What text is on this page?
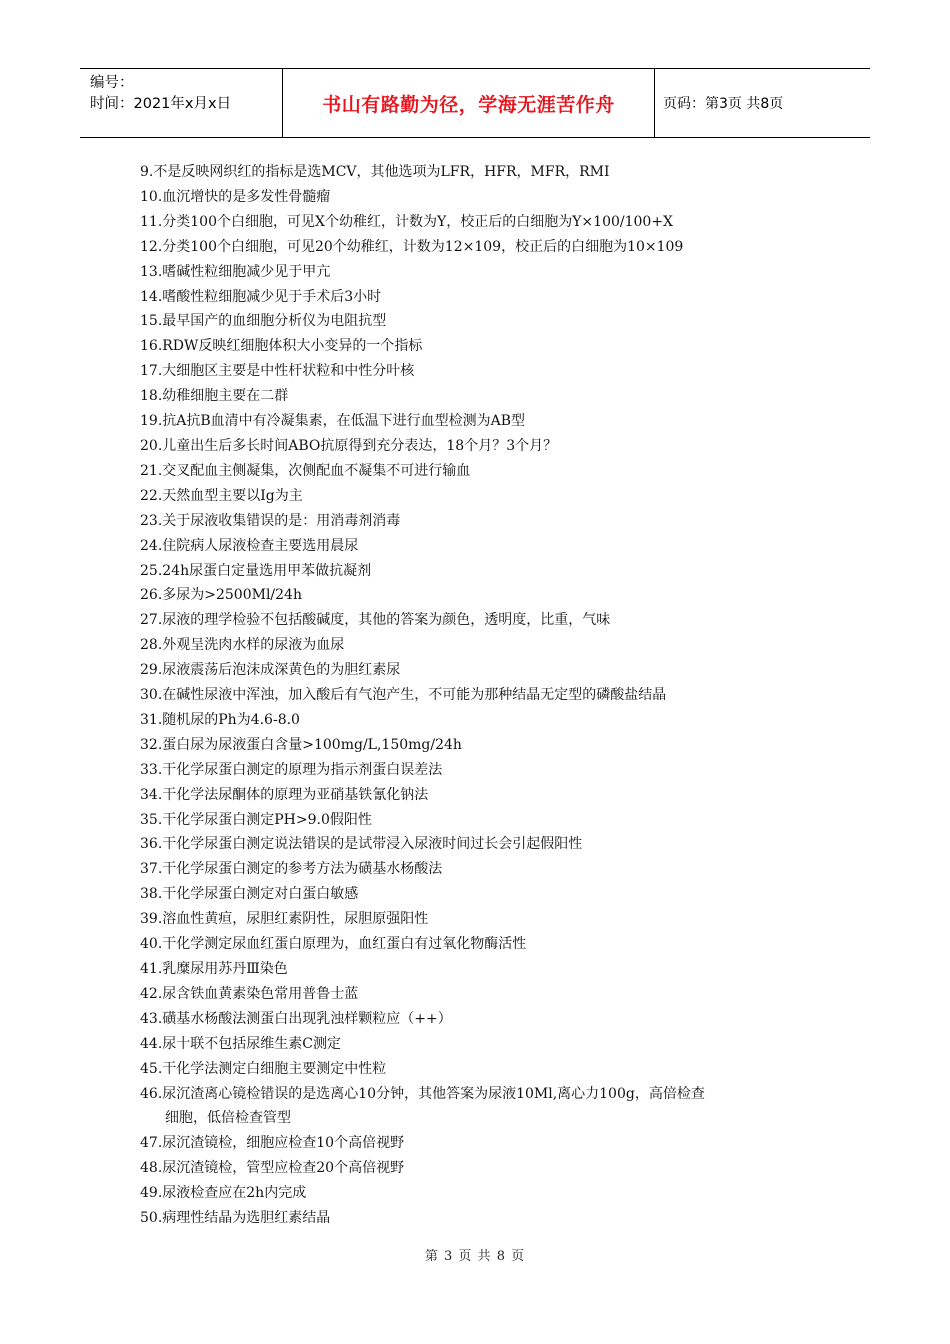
编号：
时间：2021年x月x日	书山有路勤为径，学海无涯苦作舟	页码：第3页 共8页
9.不是反映网织红的指标是选MCV，其他选项为LFR，HFR，MFR，RMI
10.血沉增快的是多发性骨髓瘤
11.分类100个白细胞，可见X个幼稚红，计数为Y，校正后的白细胞为Y×100/100+X
12.分类100个白细胞，可见20个幼稚红，计数为12×109，校正后的白细胞为10×109
13.嗜碱性粒细胞减少见于甲亢
14.嗜酸性粒细胞减少见于手术后3小时
15.最早国产的血细胞分析仪为电阻抗型
16.RDW反映红细胞体积大小变异的一个指标
17.大细胞区主要是中性杆状粒和中性分叶核
18.幼稚细胞主要在二群
19.抗A抗B血清中有冷凝集素，在低温下进行血型检测为AB型
20.儿童出生后多长时间ABO抗原得到充分表达，18个月？3个月？
21.交叉配血主侧凝集，次侧配血不凝集不可进行输血
22.天然血型主要以Ig为主
23.关于尿液收集错误的是：用消毒剂消毒
24.住院病人尿液检查主要选用晨尿
25.24h尿蛋白定量选用甲苯做抗凝剂
26.多尿为>2500Ml/24h
27.尿液的理学检验不包括酸碱度，其他的答案为颜色，透明度，比重，气味
28.外观呈洗肉水样的尿液为血尿
29.尿液震荡后泡沫成深黄色的为胆红素尿
30.在碱性尿液中浑浊，加入酸后有气泡产生，不可能为那种结晶无定型的磷酸盐结晶
31.随机尿的Ph为4.6-8.0
32.蛋白尿为尿液蛋白含量>100mg/L,150mg/24h
33.干化学尿蛋白测定的原理为指示剂蛋白误差法
34.干化学法尿酮体的原理为亚硝基铁氰化钠法
35.干化学尿蛋白测定PH>9.0假阳性
36.干化学尿蛋白测定说法错误的是试带浸入尿液时间过长会引起假阳性
37.干化学尿蛋白测定的参考方法为磺基水杨酸法
38.干化学尿蛋白测定对白蛋白敏感
39.溶血性黄疸，尿胆红素阴性，尿胆原强阳性
40.干化学测定尿血红蛋白原理为，血红蛋白有过氧化物酶活性
41.乳糜尿用苏丹Ⅲ染色
42.尿含铁血黄素染色常用普鲁士蓝
43.磺基水杨酸法测蛋白出现乳浊样颗粒应（++）
44.尿十联不包括尿维生素C测定
45.干化学法测定白细胞主要测定中性粒
46.尿沉渣离心镜检错误的是选离心10分钟，其他答案为尿液10Ml,离心力100g，高倍检查
细胞，低倍检查管型
47.尿沉渣镜检，细胞应检查10个高倍视野
48.尿沉渣镜检，管型应检查20个高倍视野
49.尿液检查应在2h内完成
50.病理性结晶为选胆红素结晶
第 3 页 共 8 页
